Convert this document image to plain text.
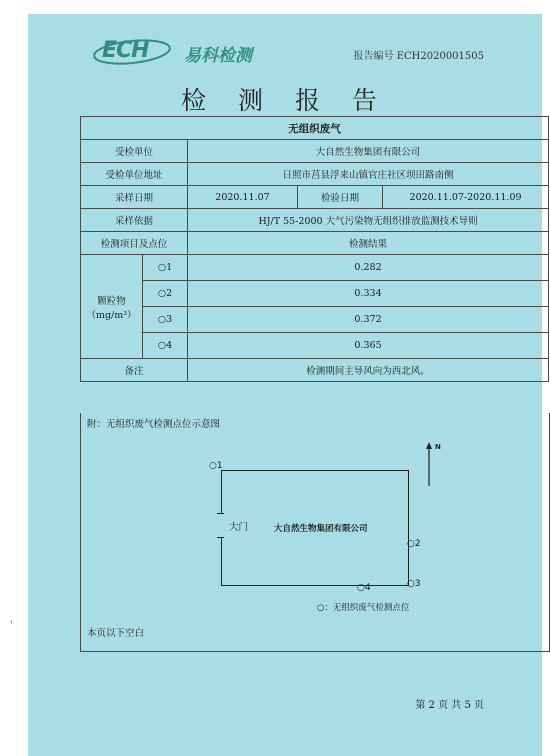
ECH 易科检测	报告编号 ECH2020001505
检 测 报 告
无组织废气				
受检单位		大自然生物集团有限公司		
受检单位地址		日照市莒县浮来山镇官庄社区坝田路南侧		
采样日期		2020.11.07	检验日期	2020.11.07-2020.11.09
采样依据		HJ/T 55-2000 大气污染物无组织排放监测技术导则		
检测项目及点位		检测结果		

颗粒物
（mg/m³）	○1	0.282		
	○2	0.334		
	○3	0.372		
	○4	0.365		
备注		检测期间主导风向为西北风。		
附：无组织废气检测点位示意图
N
大门	大自然生物集团有限公司
○1
○2
○3
○4
○：无组织废气检测点位
本页以下空白
第 2 页 共 5 页
'
